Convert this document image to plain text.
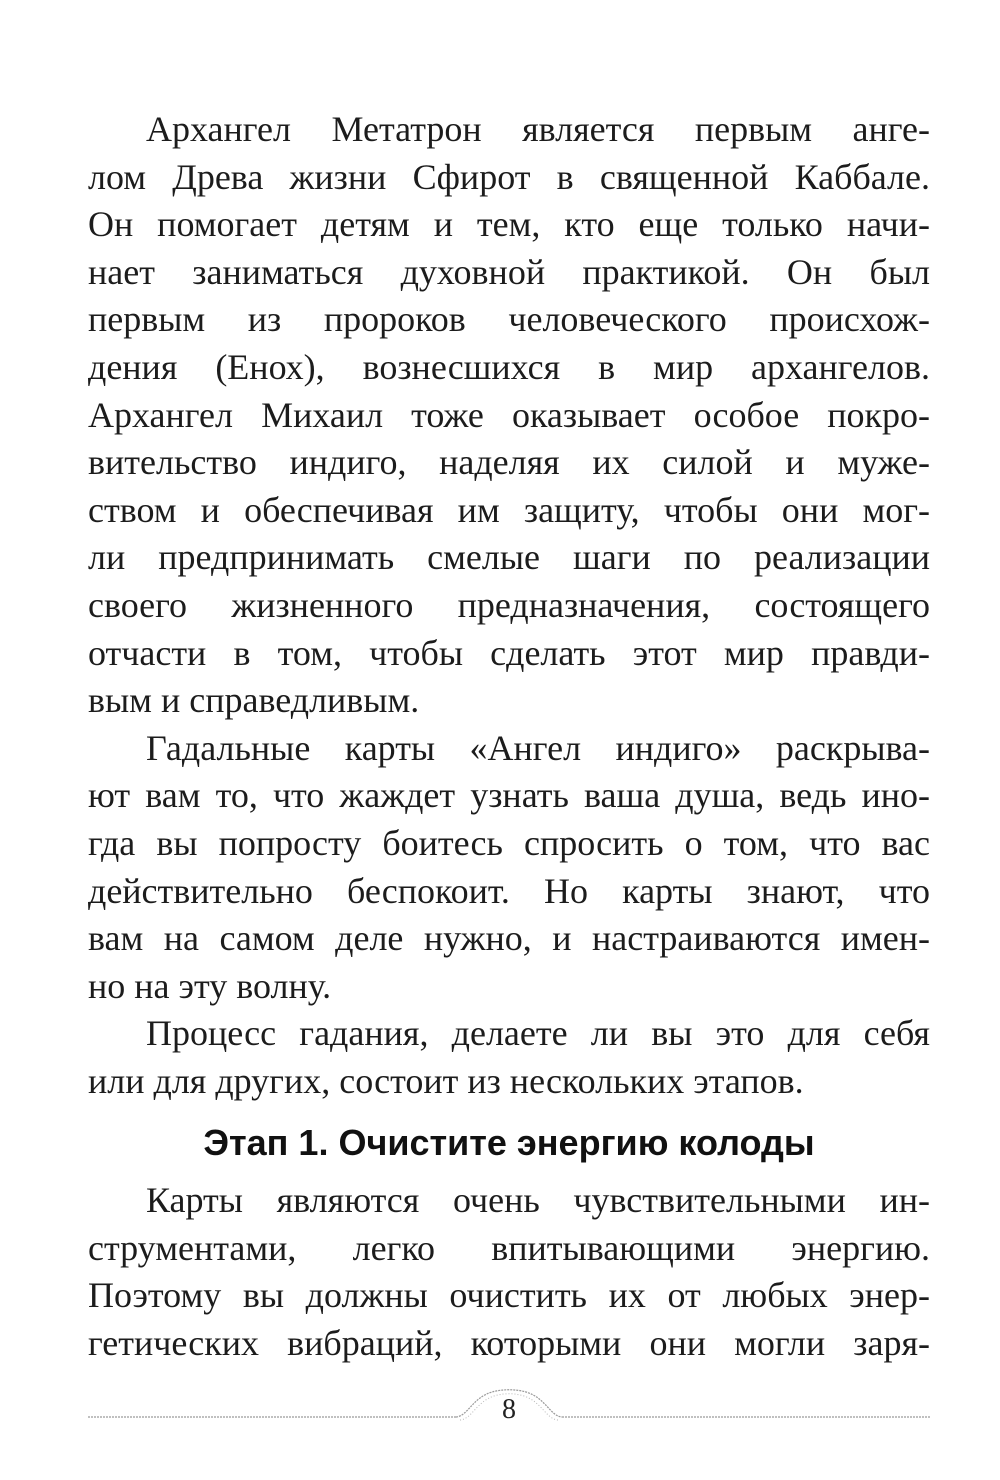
Архангел Метатрон является первым анге-
лом Древа жизни Сфирот в священной Каббале.
Он помогает детям и тем, кто еще только начи-
нает заниматься духовной практикой. Он был
первым из пророков человеческого происхож-
дения (Енох), вознесшихся в мир архангелов.
Архангел Михаил тоже оказывает особое покро-
вительство индиго, наделяя их силой и муже-
ством и обеспечивая им защиту, чтобы они мог-
ли предпринимать смелые шаги по реализации
своего жизненного предназначения, состоящего
отчасти в том, чтобы сделать этот мир правди-
вым и справедливым.
Гадальные карты «Ангел индиго» раскрыва-
ют вам то, что жаждет узнать ваша душа, ведь ино-
гда вы попросту боитесь спросить о том, что вас
действительно беспокоит. Но карты знают, что
вам на самом деле нужно, и настраиваются имен-
но на эту волну.
Процесс гадания, делаете ли вы это для себя
или для других, состоит из нескольких этапов.
Этап 1. Очистите энергию колоды
Карты являются очень чувствительными ин-
струментами, легко впитывающими энергию.
Поэтому вы должны очистить их от любых энер-
гетических вибраций, которыми они могли заря-
8
